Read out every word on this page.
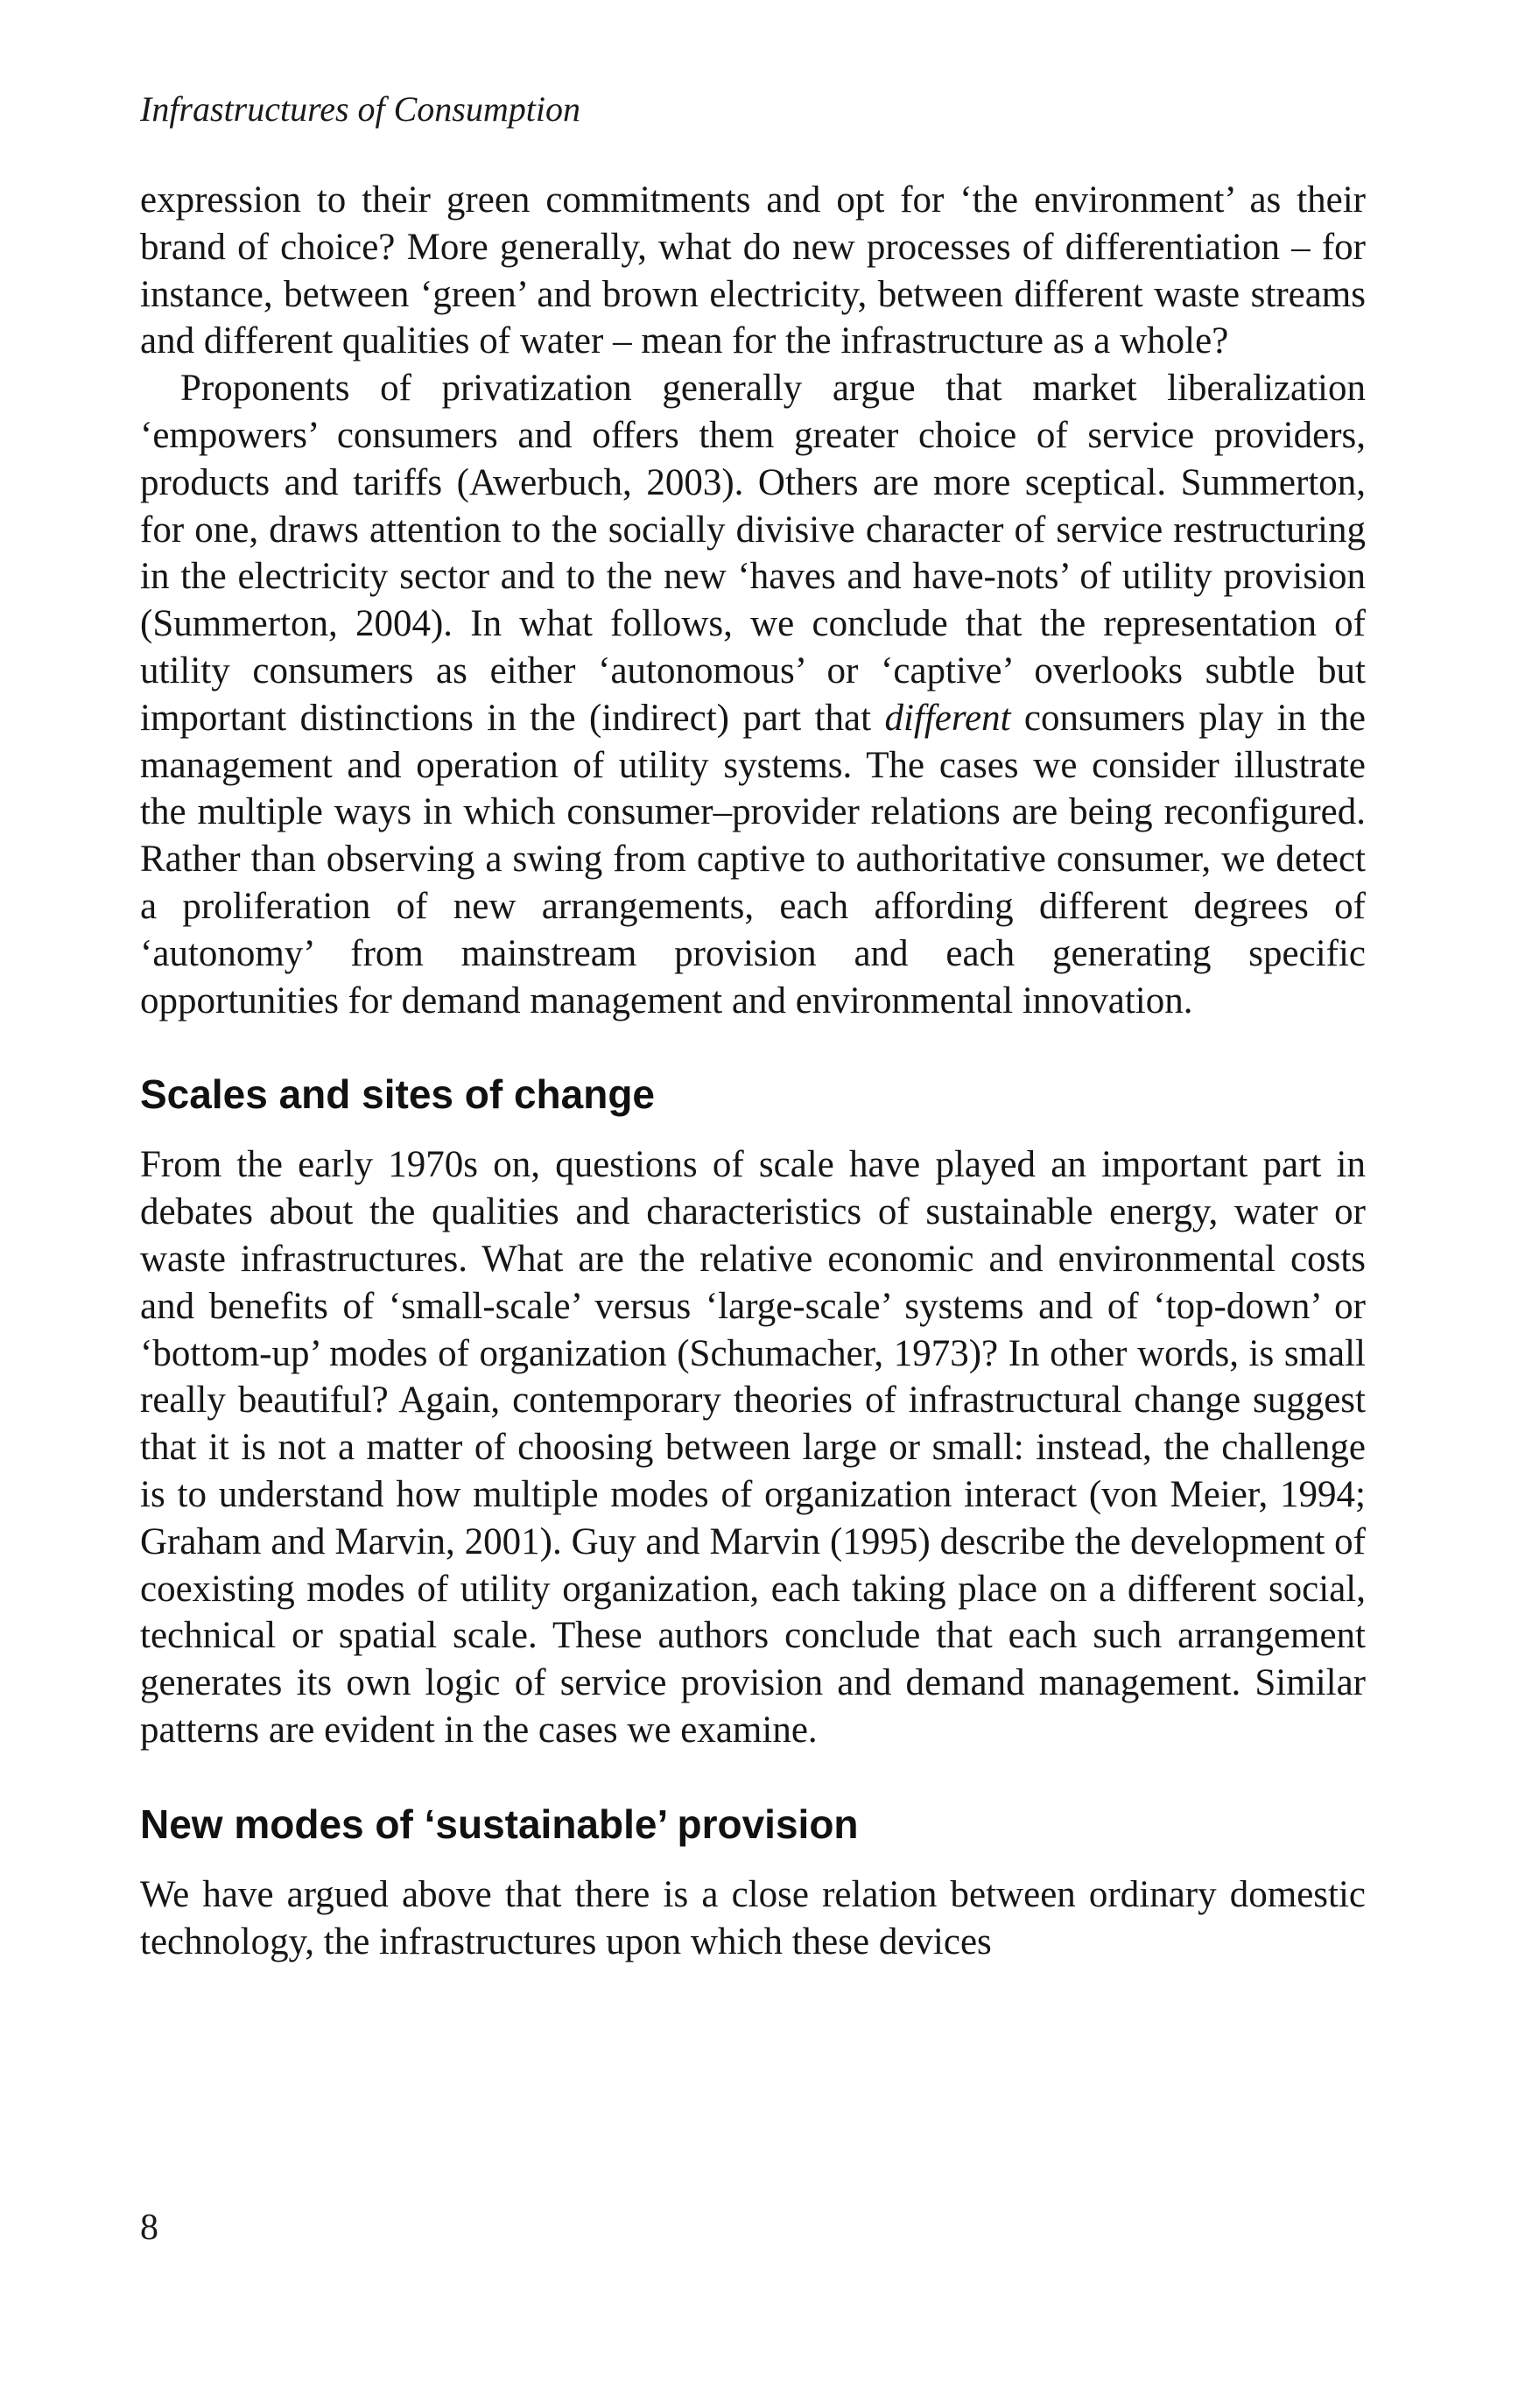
Infrastructures of Consumption

expression to their green commitments and opt for ‘the environment’ as their brand of choice? More generally, what do new processes of differentiation – for instance, between ‘green’ and brown electricity, between different waste streams and different qualities of water – mean for the infrastructure as a whole?

Proponents of privatization generally argue that market liberalization ‘empowers’ consumers and offers them greater choice of service providers, products and tariffs (Awerbuch, 2003). Others are more sceptical. Summerton, for one, draws attention to the socially divisive character of service restructuring in the electricity sector and to the new ‘haves and have-nots’ of utility provision (Summerton, 2004). In what follows, we conclude that the representation of utility consumers as either ‘autonomous’ or ‘captive’ overlooks subtle but important distinctions in the (indirect) part that different consumers play in the management and operation of utility systems. The cases we consider illustrate the multiple ways in which consumer–provider relations are being reconfigured. Rather than observing a swing from captive to authoritative consumer, we detect a proliferation of new arrangements, each affording different degrees of ‘autonomy’ from mainstream provision and each generating specific opportunities for demand management and environmental innovation.

Scales and sites of change

From the early 1970s on, questions of scale have played an important part in debates about the qualities and characteristics of sustainable energy, water or waste infrastructures. What are the relative economic and environmental costs and benefits of ‘small-scale’ versus ‘large-scale’ systems and of ‘top-down’ or ‘bottom-up’ modes of organization (Schumacher, 1973)? In other words, is small really beautiful? Again, contemporary theories of infrastructural change suggest that it is not a matter of choosing between large or small: instead, the challenge is to understand how multiple modes of organization interact (von Meier, 1994; Graham and Marvin, 2001). Guy and Marvin (1995) describe the development of coexisting modes of utility organization, each taking place on a different social, technical or spatial scale. These authors conclude that each such arrangement generates its own logic of service provision and demand management. Similar patterns are evident in the cases we examine.

New modes of ‘sustainable’ provision

We have argued above that there is a close relation between ordinary domestic technology, the infrastructures upon which these devices

8
